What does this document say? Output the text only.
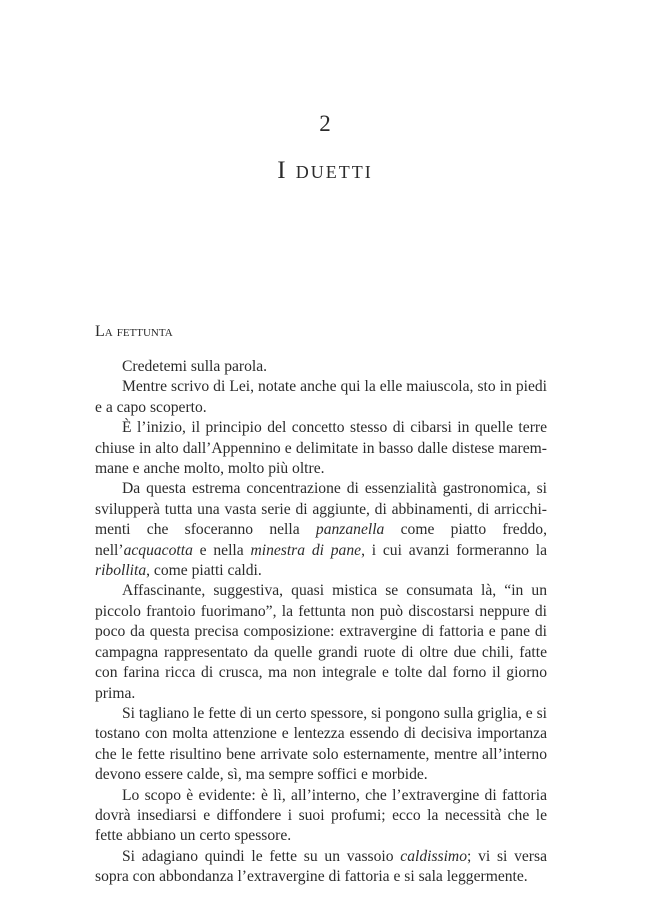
2
I duetti
La fettunta

Credetemi sulla parola.

Mentre scrivo di Lei, notate anche qui la elle maiuscola, sto in piedi e a capo scoperto.

È l’inizio, il principio del concetto stesso di cibarsi in quelle terre chiuse in alto dall’Appennino e delimitate in basso dalle distese maremmane e anche molto, molto più oltre.

Da questa estrema concentrazione di essenzialità gastronomica, si svilupperà tutta una vasta serie di aggiunte, di abbinamenti, di arricchimenti che sfoceranno nella panzanella come piatto freddo, nell’acquacotta e nella minestra di pane, i cui avanzi formeranno la ribollita, come piatti caldi.

Affascinante, suggestiva, quasi mistica se consumata là, “in un piccolo frantoio fuorimano”, la fettunta non può discostarsi neppure di poco da questa precisa composizione: extravergine di fattoria e pane di campagna rappresentato da quelle grandi ruote di oltre due chili, fatte con farina ricca di crusca, ma non integrale e tolte dal forno il giorno prima.

Si tagliano le fette di un certo spessore, si pongono sulla griglia, e si tostano con molta attenzione e lentezza essendo di decisiva importanza che le fette risultino bene arrivate solo esternamente, mentre all’interno devono essere calde, sì, ma sempre soffici e morbide.

Lo scopo è evidente: è lì, all’interno, che l’extravergine di fattoria dovrà insediarsi e diffondere i suoi profumi; ecco la necessità che le fette abbiano un certo spessore.

Si adagiano quindi le fette su un vassoio caldissimo; vi si versa sopra con abbondanza l’extravergine di fattoria e si sala leggermente.
